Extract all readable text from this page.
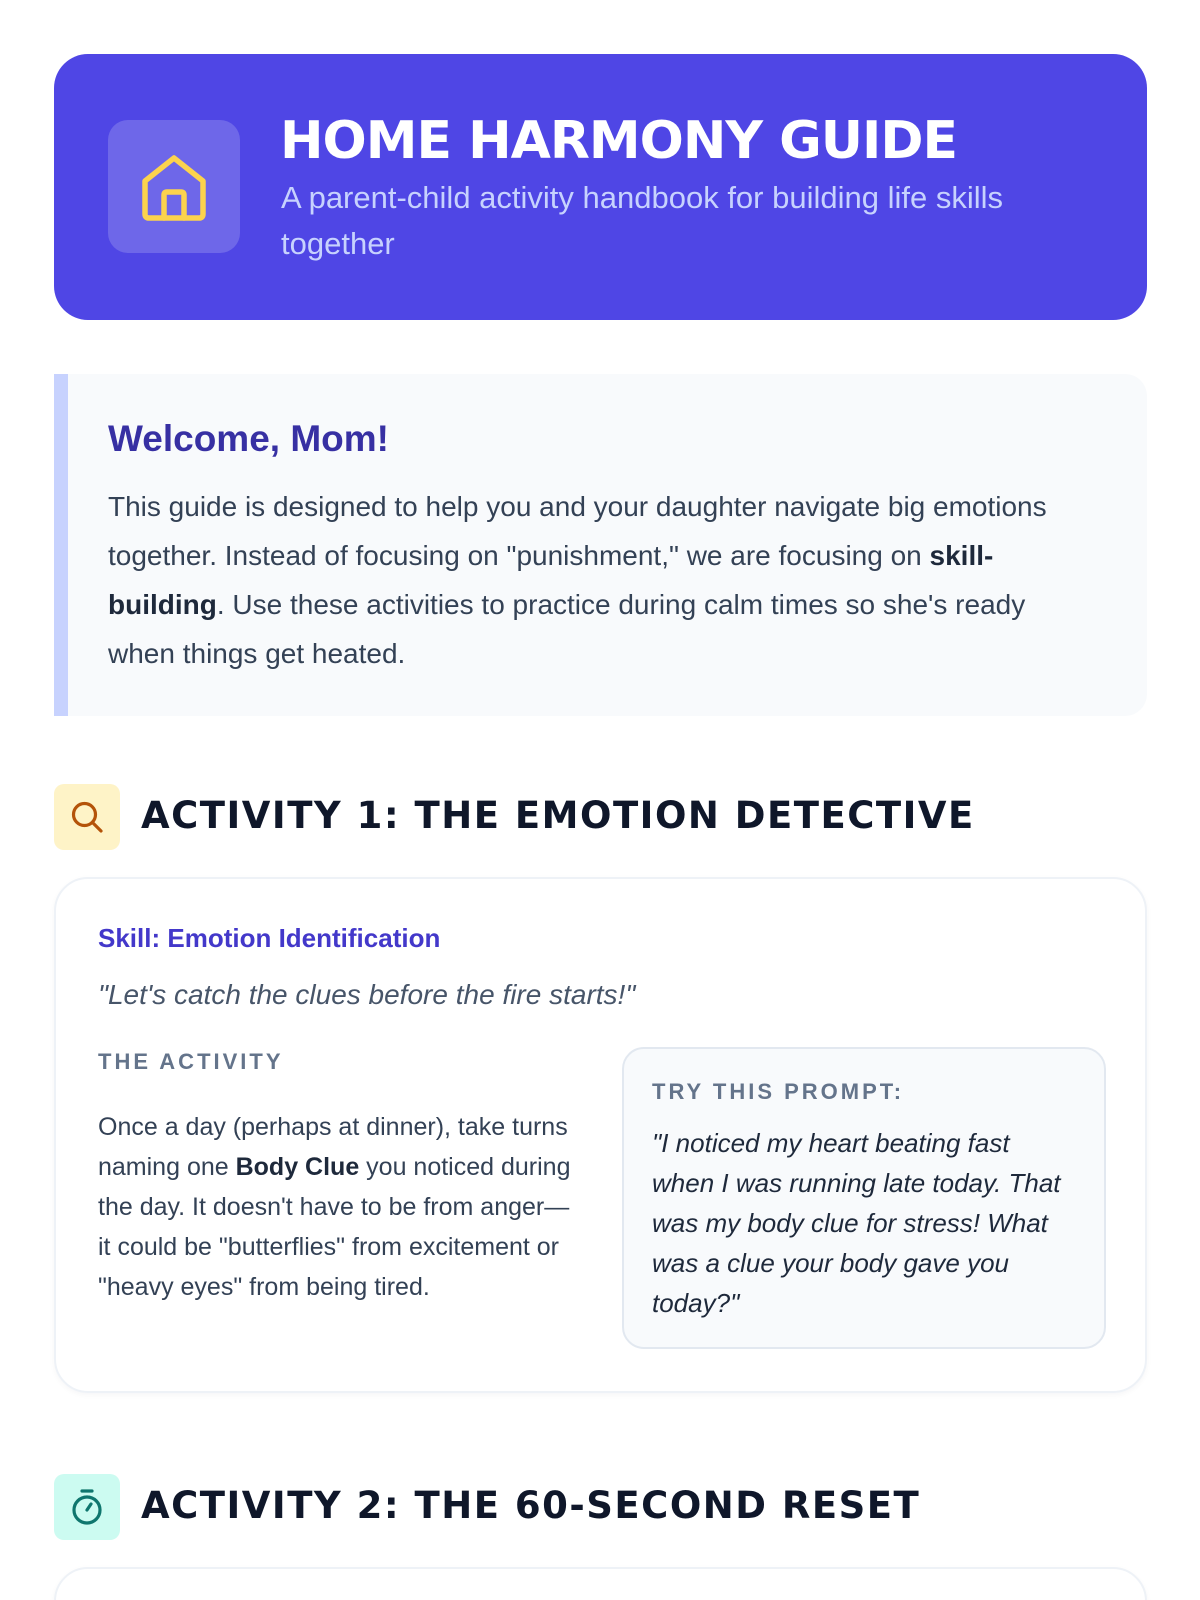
HOME HARMONY GUIDE
A parent-child activity handbook for building life skills together
Welcome, Mom!

This guide is designed to help you and your daughter navigate big emotions together. Instead of focusing on "punishment," we are focusing on skill-building. Use these activities to practice during calm times so she's ready when things get heated.

ACTIVITY 1: THE EMOTION DETECTIVE
Skill: Emotion Identification
"Let's catch the clues before the fire starts!"
THE ACTIVITY

Once a day (perhaps at dinner), take turns naming one Body Clue you noticed during the day. It doesn't have to be from anger—it could be "butterflies" from excitement or "heavy eyes" from being tired.

TRY THIS PROMPT:

"I noticed my heart beating fast when I was running late today. That was my body clue for stress! What was a clue your body gave you today?"

ACTIVITY 2: THE 60-SECOND RESET
